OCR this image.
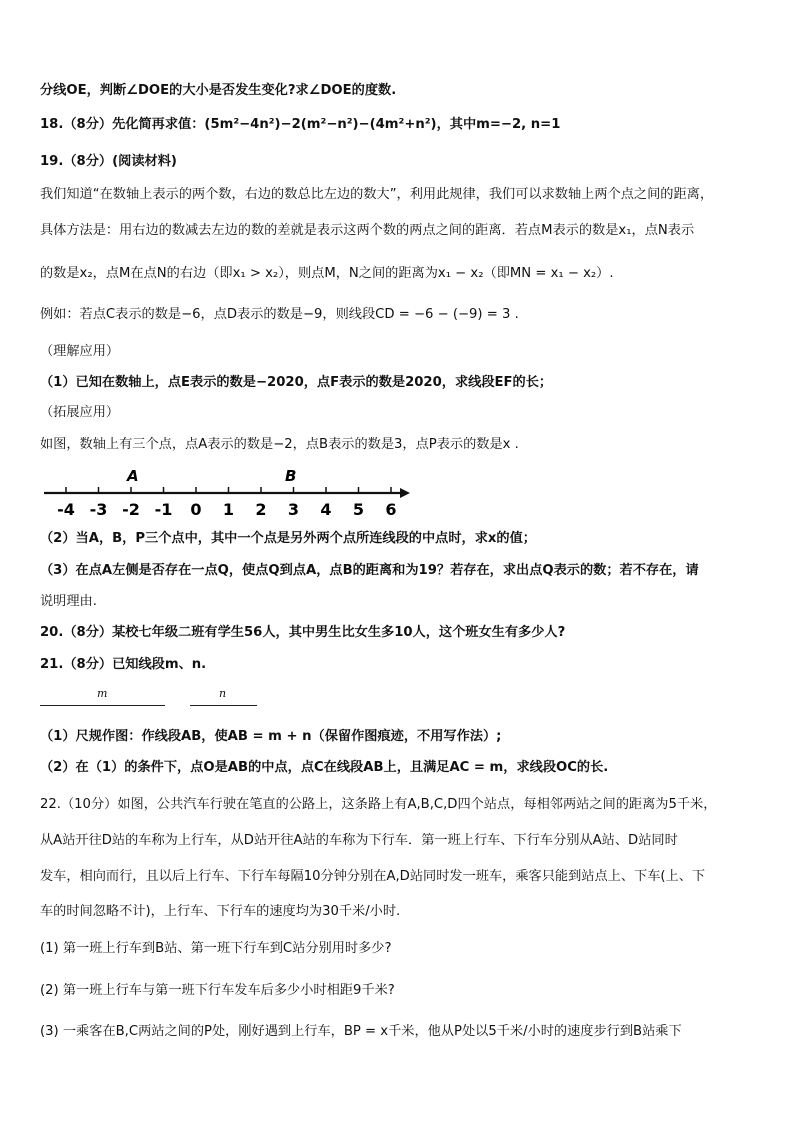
分线OE，判断∠DOE的大小是否发生变化?求∠DOE的度数.
18.（8分）先化简再求值：(5m²−4n²)−2(m²−n²)−(4m²+n²)，其中m=−2, n=1
19.（8分）(阅读材料)
我们知道“在数轴上表示的两个数，右边的数总比左边的数大”，利用此规律，我们可以求数轴上两个点之间的距离，
具体方法是：用右边的数减去左边的数的差就是表示这两个数的两点之间的距离．若点M表示的数是x₁，点N表示
的数是x₂，点M在点N的右边（即x₁ > x₂），则点M，N之间的距离为x₁ − x₂（即MN = x₁ − x₂）.
例如：若点C表示的数是−6，点D表示的数是−9，则线段CD = −6 − (−9) = 3 .
（理解应用）
（1）已知在数轴上，点E表示的数是−2020，点F表示的数是2020，求线段EF的长；
（拓展应用）
如图，数轴上有三个点，点A表示的数是−2，点B表示的数是3，点P表示的数是x .
-4 -3 -2 -1 0 1 2 3 4 5 6
A	B
（2）当A，B，P三个点中，其中一个点是另外两个点所连线段的中点时，求x的值；
（3）在点A左侧是否存在一点Q，使点Q到点A，点B的距离和为19？若存在，求出点Q表示的数；若不存在，请
说明理由.
20.（8分）某校七年级二班有学生56人，其中男生比女生多10人，这个班女生有多少人?
21.（8分）已知线段m、n.
m	n
（1）尺规作图：作线段AB，使AB = m + n（保留作图痕迹，不用写作法）;
（2）在（1）的条件下，点O是AB的中点，点C在线段AB上，且满足AC = m，求线段OC的长.
22.（10分）如图，公共汽车行驶在笔直的公路上，这条路上有A,B,C,D四个站点，每相邻两站之间的距离为5千米，
从A站开往D站的车称为上行车，从D站开往A站的车称为下行车．第一班上行车、下行车分别从A站、D站同时
发车，相向而行，且以后上行车、下行车每隔10分钟分别在A,D站同时发一班车，乘客只能到站点上、下车(上、下
车的时间忽略不计)，上行车、下行车的速度均为30千米/小时.
(1) 第一班上行车到B站、第一班下行车到C站分别用时多少?
(2) 第一班上行车与第一班下行车发车后多少小时相距9千米?
(3) 一乘客在B,C两站之间的P处，刚好遇到上行车，BP = x千米，他从P处以5千米/小时的速度步行到B站乘下
